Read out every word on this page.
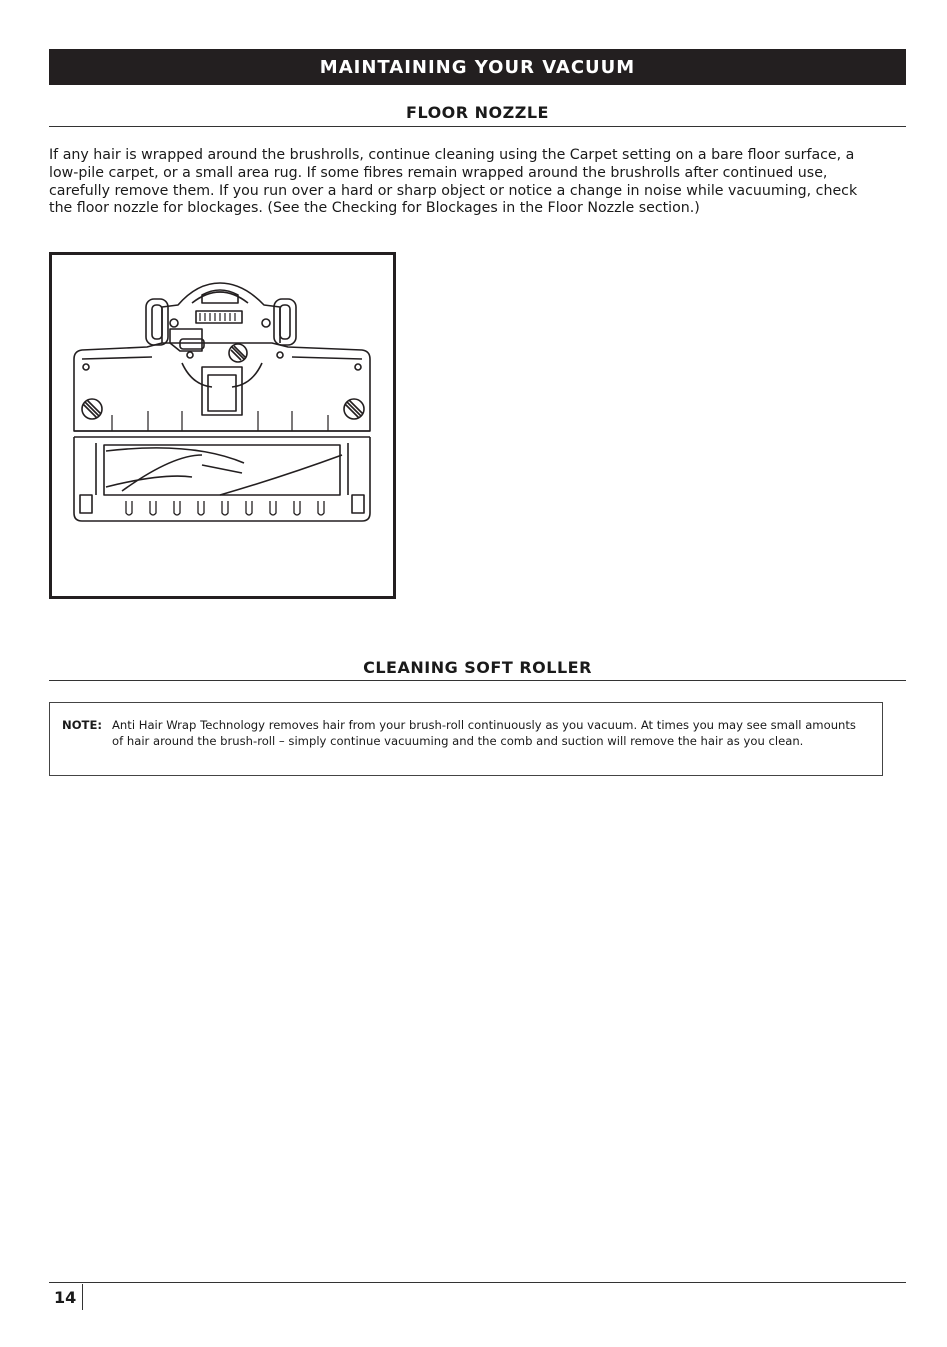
MAINTAINING YOUR VACUUM
FLOOR NOZZLE
If any hair is wrapped around the brushrolls, continue cleaning using the Carpet setting on a bare floor surface, a low-pile carpet, or a small area rug. If some fibres remain wrapped around the brushrolls after continued use, carefully remove them. If you run over a hard or sharp object or notice a change in noise while vacuuming, check the floor nozzle for blockages. (See the Checking for Blockages in the Floor Nozzle section.)
CLEANING SOFT ROLLER
NOTE: Anti Hair Wrap Technology removes hair from your brush-roll continuously as you vacuum. At times you may see small amounts of hair around the brush-roll – simply continue vacuuming and the comb and suction will remove the hair as you clean.
14
